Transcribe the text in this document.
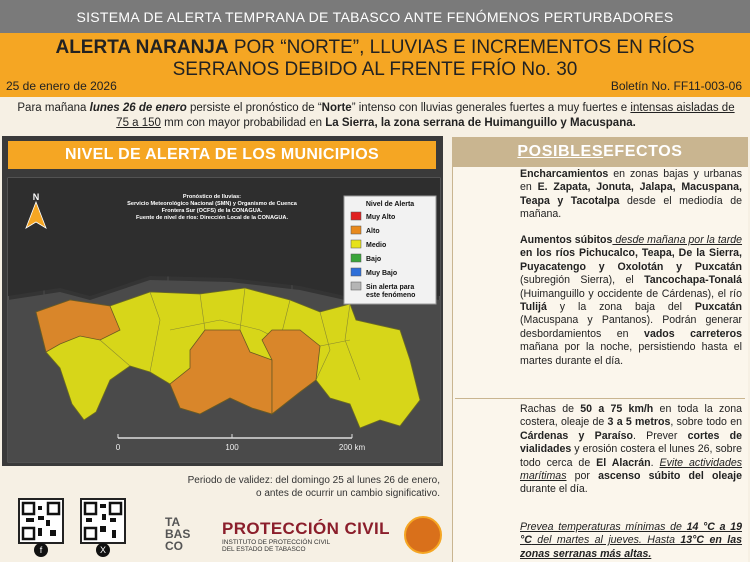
SISTEMA DE ALERTA TEMPRANA DE TABASCO ANTE FENÓMENOS PERTURBADORES
ALERTA NARANJA POR “NORTE”, LLUVIAS E INCREMENTOS EN RÍOS
SERRANOS DEBIDO AL FRENTE FRÍO No. 30
25 de enero de 2026	Boletín No. FF11-003-06
Para mañana lunes 26 de enero persiste el pronóstico de “Norte” intenso con lluvias generales fuertes a muy fuertes e intensas aisladas de 75 a 150 mm con mayor probabilidad en La Sierra, la zona serrana de Huimanguillo y Macuspana.
NIVEL DE ALERTA DE LOS MUNICIPIOS
0	100	200 km
N	Pronóstico de lluvias:
Servicio Meteorológico Nacional (SMN) y Organismo de Cuenca
Frontera Sur (OCFS) de la CONAGUA.
Fuente de nivel de ríos: Dirección Local de la CONAGUA.
Nivel de Alerta
Muy Alto
Alto
Medio
Bajo
Muy Bajo
Sin alerta para
este fenómeno
Periodo de validez: del domingo 25 al lunes 26 de enero,
o antes de ocurrir un cambio significativo.
f	X
TA
BAS
CO
PROTECCIÓN CIVIL
INSTITUTO DE PROTECCIÓN CIVIL
DEL ESTADO DE TABASCO
POSIBLES EFECTOS
Encharcamientos en zonas bajas y urbanas en E. Zapata, Jonuta, Jalapa, Macuspana, Teapa y Tacotalpa desde el mediodía de mañana.
Aumentos súbitos desde mañana por la tarde en los ríos Pichucalco, Teapa, De la Sierra, Puyacatengo y Oxolotán y Puxcatán (subregión Sierra), el Tancochapa-Tonalá (Huimanguillo y occidente de Cárdenas), el río Tulijá y la zona baja del Puxcatán (Macuspana y Pantanos). Podrán generar desbordamientos en vados carreteros mañana por la noche, persistiendo hasta el martes durante el día.
Rachas de 50 a 75 km/h en toda la zona costera, oleaje de 3 a 5 metros, sobre todo en Cárdenas y Paraíso. Prever cortes de vialidades y erosión costera el lunes 26, sobre todo cerca de El Alacrán. Evite actividades marítimas por ascenso súbito del oleaje durante el día.
Prevea temperaturas mínimas de 14 °C a 19 °C del martes al jueves. Hasta 13°C en las zonas serranas más altas.
